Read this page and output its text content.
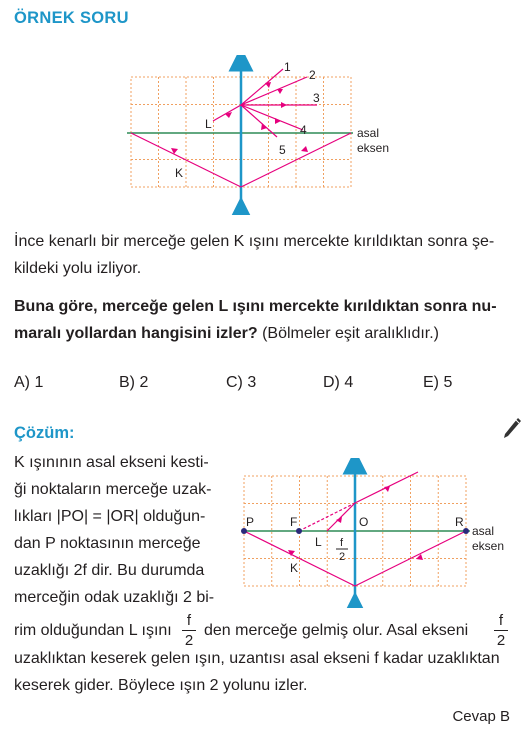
ÖRNEK SORU
1
2
3
4
5
L
K
asal
eksen
İnce kenarlı bir merceğe gelen K ışını mercekte kırıldıktan sonra şe-
kildeki yolu izliyor.
Buna göre, merceğe gelen L ışını mercekte kırıldıktan sonra nu-
maralı yollardan hangisini izler? (Bölmeler eşit aralıklıdır.)
A) 1	B) 2	C) 3	D) 4	E) 5
Çözüm:
K ışınının asal ekseni kesti-
ği noktaların merceğe uzak-
lıkları |PO| = |OR| olduğun-
dan P noktasının merceğe
uzaklığı 2f dir. Bu durumda
merceğin odak uzaklığı 2 bi-
P	F	O	R
L
K
f
2
asal
eksen
rim olduğundan L ışını
f
2
den merceğe gelmiş olur. Asal ekseni
f
2
uzaklıktan keserek gelen ışın, uzantısı asal ekseni f kadar uzaklıktan
keserek gider. Böylece ışın 2 yolunu izler.
Cevap B
